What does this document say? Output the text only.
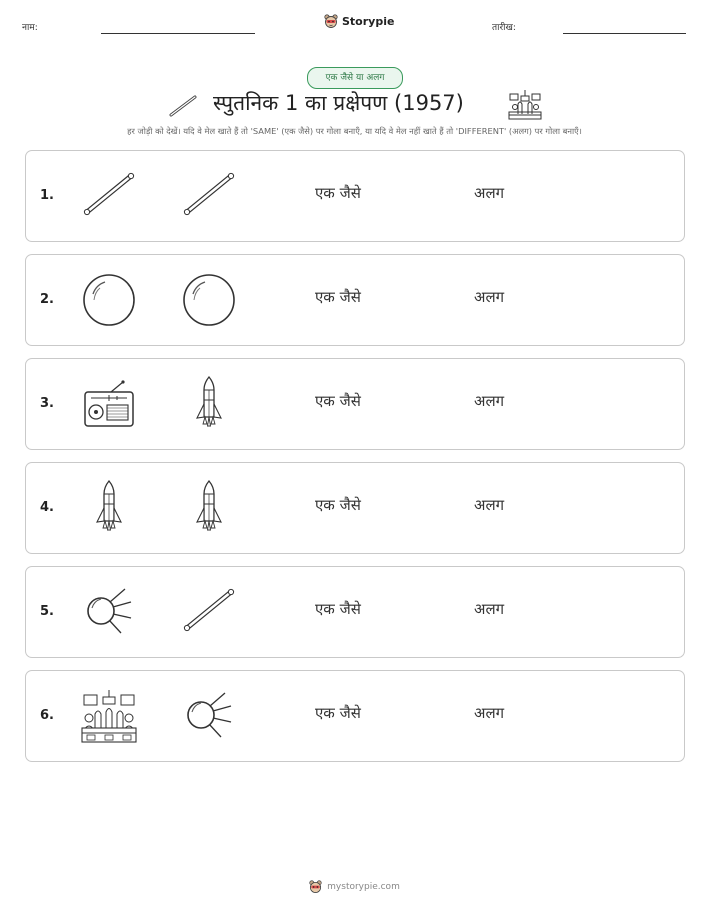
नाम:	Storypie	तारीख:
एक जैसे या अलग
स्पुतनिक 1 का प्रक्षेपण (1957)
हर जोड़ी को देखें। यदि वे मेल खाते हैं तो 'SAME' (एक जैसे) पर गोला बनाएँ, या यदि वे मेल नहीं खाते हैं तो 'DIFFERENT' (अलग) पर गोला बनाएँ।
1.	एक जैसे	अलग
2.	एक जैसे	अलग
3.	एक जैसे	अलग
4.	एक जैसे	अलग
5.	एक जैसे	अलग
6.	एक जैसे	अलग
mystorypie.com
